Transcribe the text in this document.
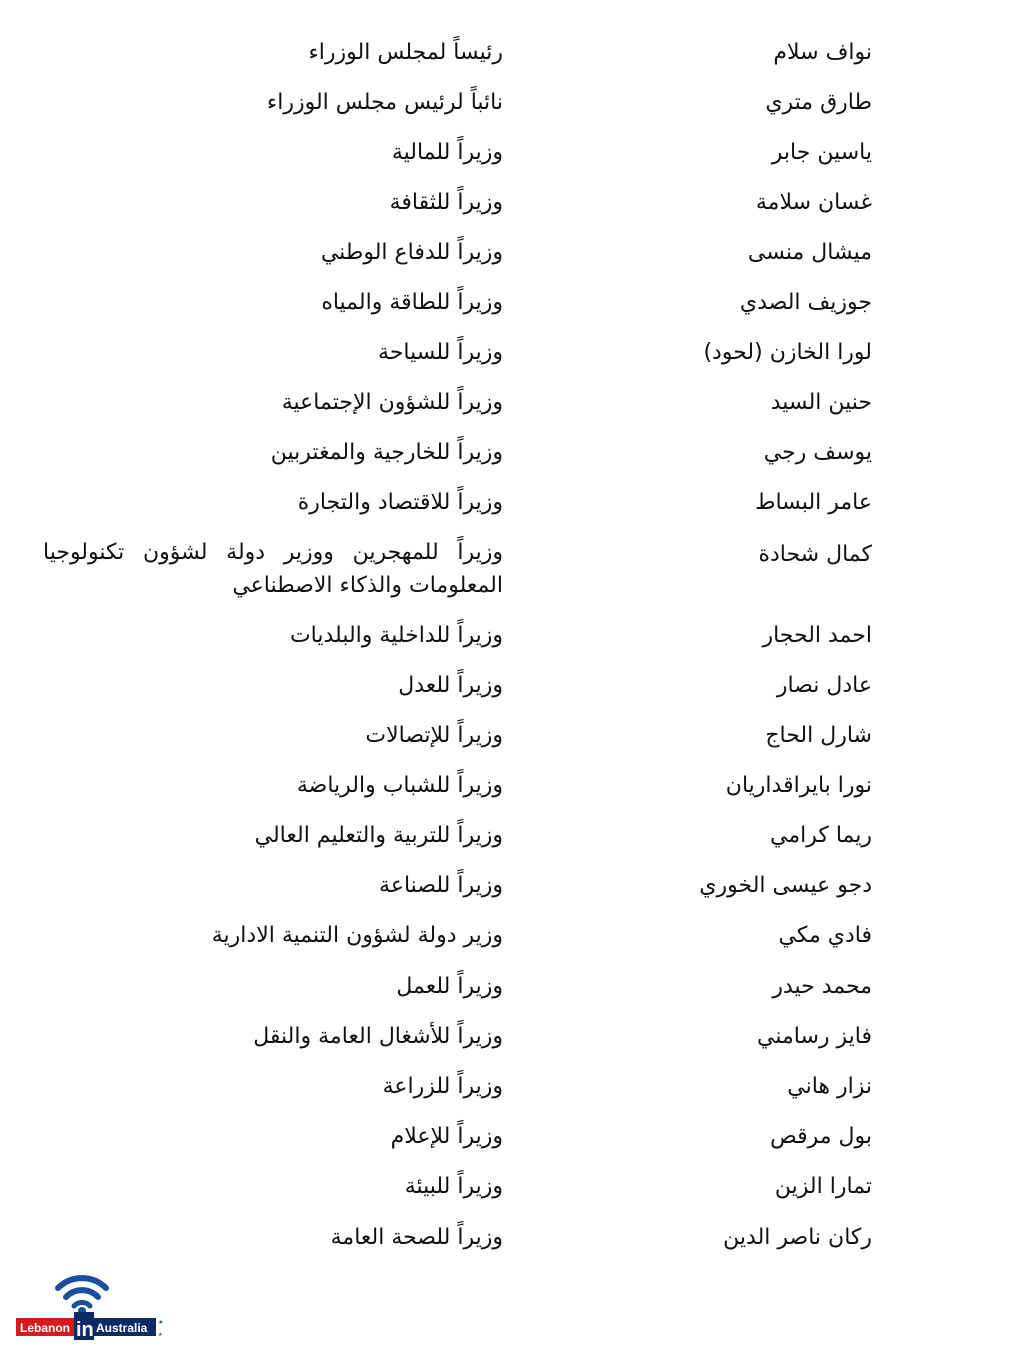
نواف سلام
رئيساً لمجلس الوزراء
طارق متري
نائباً لرئيس مجلس الوزراء
ياسين جابر
وزيراً للمالية
غسان سلامة
وزيراً للثقافة
ميشال منسى
وزيراً للدفاع الوطني
جوزيف الصدي
وزيراً للطاقة والمياه
لورا الخازن (لحود)
وزيراً للسياحة
حنين السيد
وزيراً للشؤون الإجتماعية
يوسف رجي
وزيراً للخارجية والمغتربين
عامر البساط
وزيراً للاقتصاد والتجارة
كمال شحادة
وزيراً للمهجرين ووزير دولة لشؤون تكنولوجيا المعلومات والذكاء الاصطناعي
احمد الحجار
وزيراً للداخلية والبلديات
عادل نصار
وزيراً للعدل
شارل الحاج
وزيراً للإتصالات
نورا بايراقداريان
وزيراً للشباب والرياضة
ريما كرامي
وزيراً للتربية والتعليم العالي
دجو عيسى الخوري
وزيراً للصناعة
فادي مكي
وزير دولة لشؤون التنمية الادارية
محمد حيدر
وزيراً للعمل
فايز رسامني
وزيراً للأشغال العامة والنقل
نزار هاني
وزيراً للزراعة
بول مرقص
وزيراً للإعلام
تمارا الزين
وزيراً للبيئة
ركان ناصر الدين
وزيراً للصحة العامة
Lebanon in Australia ★
★
